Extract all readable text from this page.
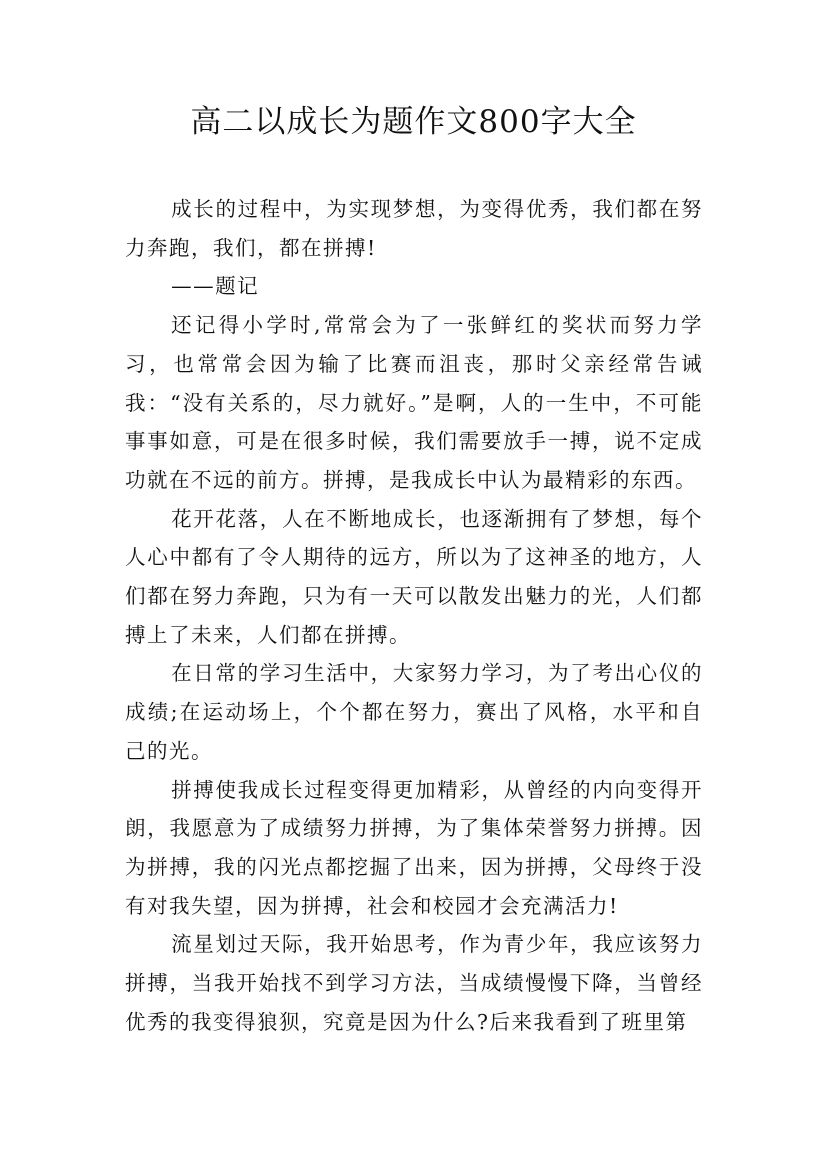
高二以成长为题作文800字大全

成长的过程中，为实现梦想，为变得优秀，我们都在努力奔跑，我们，都在拼搏!

——题记

还记得小学时,常常会为了一张鲜红的奖状而努力学习，也常常会因为输了比赛而沮丧，那时父亲经常告诫我：“没有关系的，尽力就好。”是啊，人的一生中，不可能事事如意，可是在很多时候，我们需要放手一搏，说不定成功就在不远的前方。拼搏，是我成长中认为最精彩的东西。

花开花落，人在不断地成长，也逐渐拥有了梦想，每个人心中都有了令人期待的远方，所以为了这神圣的地方，人们都在努力奔跑，只为有一天可以散发出魅力的光，人们都搏上了未来，人们都在拼搏。

在日常的学习生活中，大家努力学习，为了考出心仪的成绩;在运动场上，个个都在努力，赛出了风格，水平和自己的光。

拼搏使我成长过程变得更加精彩，从曾经的内向变得开朗，我愿意为了成绩努力拼搏，为了集体荣誉努力拼搏。因为拼搏，我的闪光点都挖掘了出来，因为拼搏，父母终于没有对我失望，因为拼搏，社会和校园才会充满活力!

流星划过天际，我开始思考，作为青少年，我应该努力拼搏，当我开始找不到学习方法，当成绩慢慢下降，当曾经优秀的我变得狼狈，究竟是因为什么?后来我看到了班里第
